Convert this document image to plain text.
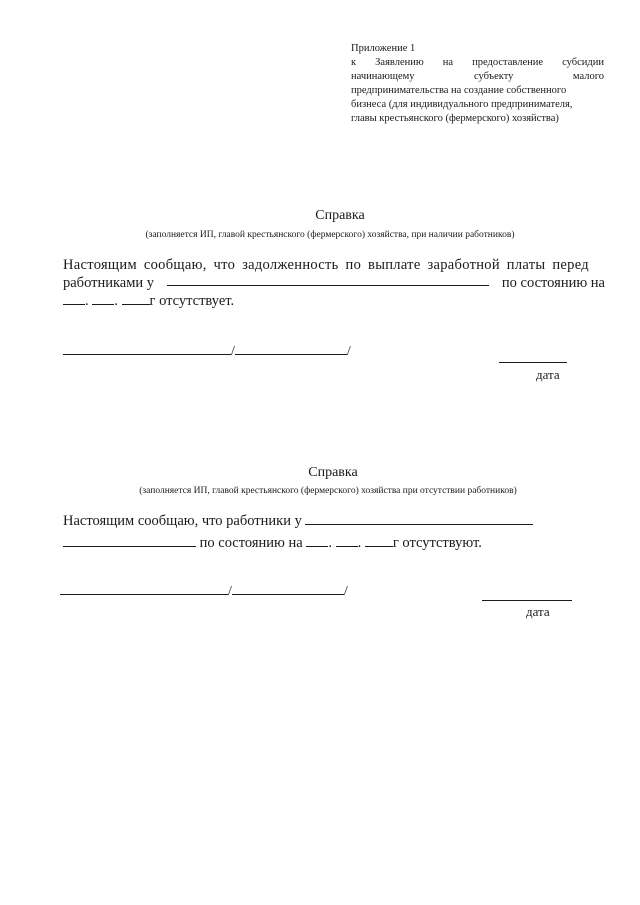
Приложение 1
к Заявлению на предоставление субсидии
начинающему	субъекту	малого
предпринимательства на создание собственного
бизнеса (для индивидуального предпринимателя,
главы крестьянского (фермерского) хозяйства)
Справка
(заполняется ИП, главой крестьянского (фермерского) хозяйства, при наличии работников)
Настоящим сообщаю, что задолженность по выплате заработной платы перед
работниками у	по состоянию на
. . г отсутствует.
/	/
дата
Справка
(заполняется ИП, главой крестьянского (фермерского) хозяйства при отсутствии работников)
Настоящим сообщаю, что работники у
по состоянию на . . г отсутствуют.
/	/
дата
